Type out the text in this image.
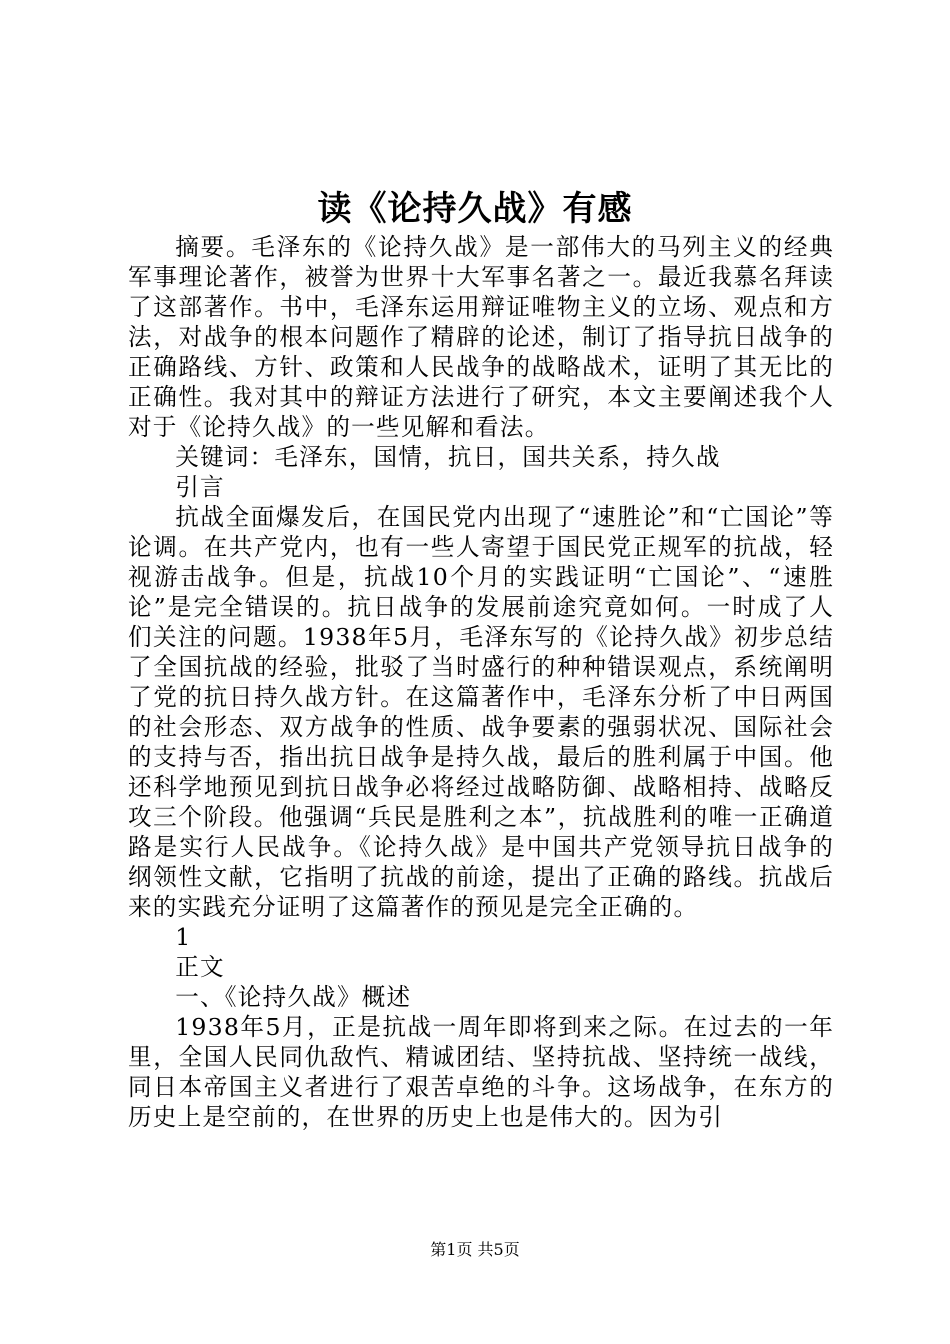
读《论持久战》有感

摘要。毛泽东的《论持久战》是一部伟大的马列主义的经典军事理论著作，被誉为世界十大军事名著之一。最近我慕名拜读了这部著作。书中，毛泽东运用辩证唯物主义的立场、观点和方法，对战争的根本问题作了精辟的论述，制订了指导抗日战争的正确路线、方针、政策和人民战争的战略战术，证明了其无比的正确性。我对其中的辩证方法进行了研究，本文主要阐述我个人对于《论持久战》的一些见解和看法。

关键词：毛泽东，国情，抗日，国共关系，持久战

引言

抗战全面爆发后，在国民党内出现了“速胜论”和“亡国论”等论调。在共产党内，也有一些人寄望于国民党正规军的抗战，轻视游击战争。但是，抗战10个月的实践证明“亡国论”、“速胜论”是完全错误的。抗日战争的发展前途究竟如何。一时成了人们关注的问题。1938年5月，毛泽东写的《论持久战》初步总结了全国抗战的经验，批驳了当时盛行的种种错误观点，系统阐明了党的抗日持久战方针。在这篇著作中，毛泽东分析了中日两国的社会形态、双方战争的性质、战争要素的强弱状况、国际社会的支持与否，指出抗日战争是持久战，最后的胜利属于中国。他还科学地预见到抗日战争必将经过战略防御、战略相持、战略反攻三个阶段。他强调“兵民是胜利之本”，抗战胜利的唯一正确道路是实行人民战争。《论持久战》是中国共产党领导抗日战争的纲领性文献，它指明了抗战的前途，提出了正确的路线。抗战后来的实践充分证明了这篇著作的预见是完全正确的。

1

正文

一、《论持久战》概述

1938年5月，正是抗战一周年即将到来之际。在过去的一年里，全国人民同仇敌忾、精诚团结、坚持抗战、坚持统一战线，同日本帝国主义者进行了艰苦卓绝的斗争。这场战争，在东方的历史上是空前的，在世界的历史上也是伟大的。因为引

第1页 共5页
